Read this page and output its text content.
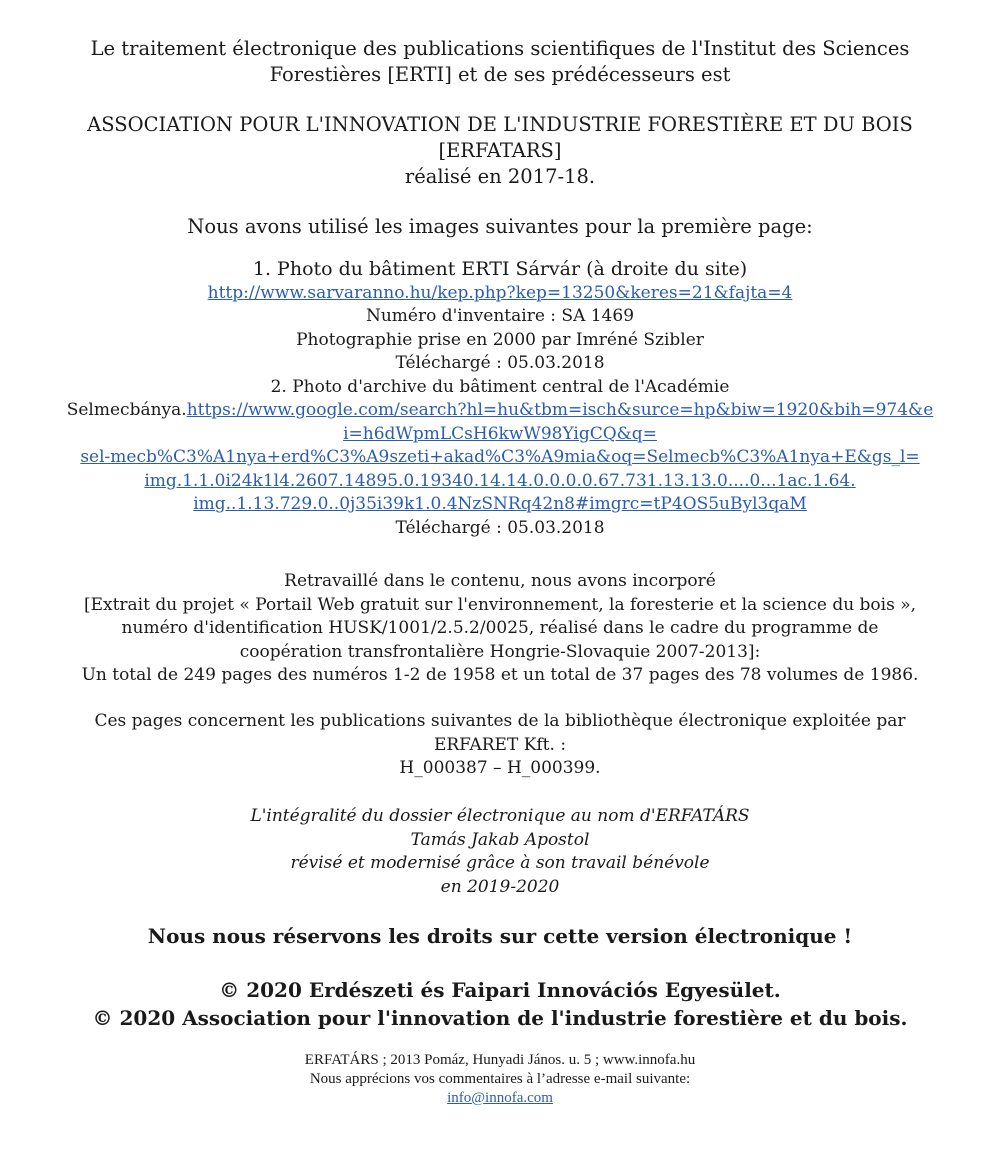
Le traitement électronique des publications scientifiques de l'Institut des Sciences
Forestières [ERTI] et de ses prédécesseurs est
ASSOCIATION POUR L'INNOVATION DE L'INDUSTRIE FORESTIÈRE ET DU BOIS
[ERFATARS]
réalisé en 2017-18.
Nous avons utilisé les images suivantes pour la première page:
1. Photo du bâtiment ERTI Sárvár (à droite du site)
http://www.sarvaranno.hu/kep.php?kep=13250&keres=21&fajta=4
Numéro d'inventaire : SA 1469
Photographie prise en 2000 par Imréné Szibler
Téléchargé : 05.03.2018
2. Photo d'archive du bâtiment central de l'Académie
Selmecbánya.https://www.google.com/search?hl=hu&tbm=isch&surce=hp&biw=1920&bih=974&e
i=h6dWpmLCsH6kwW98YigCQ&q=
sel-mecb%C3%A1nya+erd%C3%A9szeti+akad%C3%A9mia&oq=Selmecb%C3%A1nya+E&gs_l=
img.1.1.0i24k1l4.2607.14895.0.19340.14.14.0.0.0.0.67.731.13.13.0....0...1ac.1.64.
img..1.13.729.0..0j35i39k1.0.4NzSNRq42n8#imgrc=tP4OS5uByl3qaM
Téléchargé : 05.03.2018
Retravaillé dans le contenu, nous avons incorporé
[Extrait du projet « Portail Web gratuit sur l'environnement, la foresterie et la science du bois »,
numéro d'identification HUSK/1001/2.5.2/0025, réalisé dans le cadre du programme de
coopération transfrontalière Hongrie-Slovaquie 2007-2013]:
Un total de 249 pages des numéros 1-2 de 1958 et un total de 37 pages des 78 volumes de 1986.
Ces pages concernent les publications suivantes de la bibliothèque électronique exploitée par
ERFARET Kft. :
H_000387 – H_000399.
L'intégralité du dossier électronique au nom d'ERFATÁRS
Tamás Jakab Apostol
révisé et modernisé grâce à son travail bénévole
en 2019-2020
Nous nous réservons les droits sur cette version électronique !
© 2020 Erdészeti és Faipari Innovációs Egyesület.
© 2020 Association pour l'innovation de l'industrie forestière et du bois.
ERFATÁRS ; 2013 Pomáz, Hunyadi János. u. 5 ; www.innofa.hu
Nous apprécions vos commentaires à l’adresse e-mail suivante:
info@innofa.com
